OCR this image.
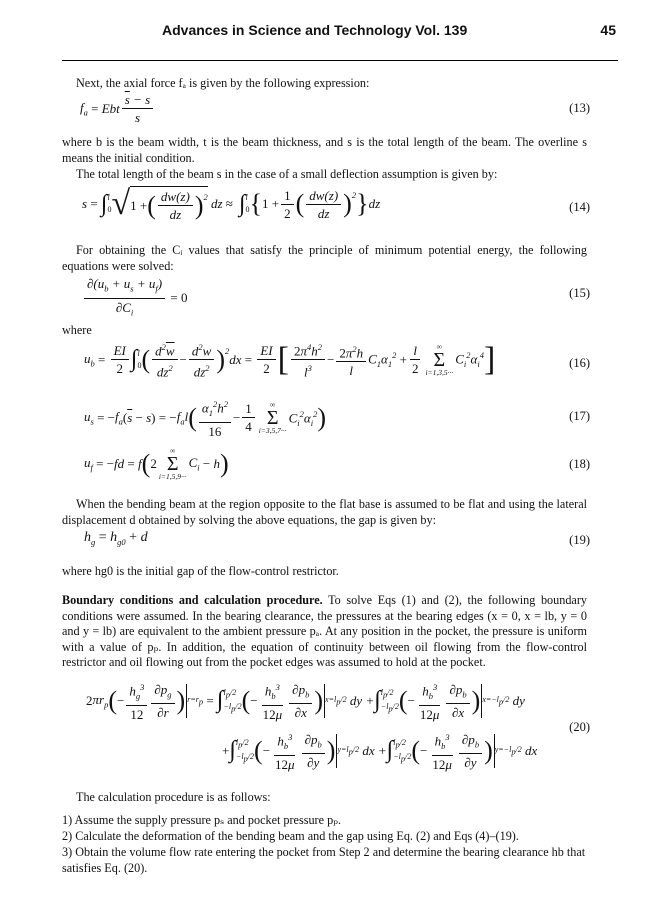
Advances in Science and Technology Vol. 139	45
Next, the axial force fₐ is given by the following expression:
$f_a$ = Ebt $\frac{\overline{s} - s}{s}$	(13)
where b is the beam width, t is the beam thickness, and s is the total length of the beam. The overline s means the initial condition.
The total length of the beam s in the case of a small deflection assumption is given by:
s = ∫ l
0 √ 1 + ( $\frac{dw(z)}{dz} )^2$ dz ≈ ∫ l
0 { $1 + \frac{1}{2}$ ( $\frac{dw(z)}{dz} )^2$ } dz	(14)
For obtaining the Cᵢ values that satisfy the principle of minimum potential energy, the following equations were solved:
$\frac{\partial(u_b + u_s + u_f)}{\partial C_i} = 0$	(15)
where
$u_b = \frac{EI}{2}$ ∫ l
0 ( $\frac{d^2\overline{w}}{dz^2} - \frac{d^2w}{dz^2} )^2$
dx = $\frac{EI}{2}$ [ $\frac{2\pi^4h^2}{l^3} - \frac{2\pi^2h}{l} C_1\alpha_1^2 + \frac{l}{2}$ ∞
Σ
i=1,3,5···
$C_i^2\alpha_i^4$ ]	(16)
$u_s$ = − $f_a$ ( $\overline{s} - s$ ) = − $f_al$ ( $\frac{\alpha_1^2h^2}{16} - \frac{1}{4}$ ∞
Σ
i=3,5,7···
$C_i^2\alpha_i^2$ )	(17)
$u_f$ = − fd = f ( 2
∞
Σ
i=1,5,9···
$C_i - h$ )	(18)
When the bending beam at the region opposite to the flat base is assumed to be flat and using the lateral displacement d obtained by solving the above equations, the gap is given by:
$h_g = h_{g0} + d$	(19)
where h⁠g0 is the initial gap of the flow-control restrictor.
Boundary conditions and calculation procedure. To solve Eqs (1) and (2), the following boundary conditions were assumed. In the bearing clearance, the pressures at the bearing edges (x = 0, x = l⁠b, y = 0 and y = l⁠b) are equivalent to the ambient pressure pₐ. At any position in the pocket, the pressure is uniform with a value of pₚ. In addition, the equation of continuity between oil flowing from the flow-control restrictor and oil flowing out from the pocket edges was assumed to hold at the pocket.
2 $\pi r_p$ ( − $\frac{h_g^3}{12} \frac{\partial p_g}{\partial r}$ ) $r=r_p$ = ∫ $l_p/2$
$-l_p/2$ ( − $\frac{h_b^3}{12\mu} \frac{\partial p_b}{\partial x}$ ) $x=l_p/2$ dy + ∫ $l_p/2$
$-l_p/2$ ( − $\frac{h_b^3}{12\mu} \frac{\partial p_b}{\partial x}$ ) $x=-l_p/2$ dy
+ ∫ $l_p/2$
$-l_p/2$ ( − $\frac{h_b^3}{12\mu} \frac{\partial p_b}{\partial y}$ ) $y=l_p/2$ dx + ∫ $l_p/2$
$-l_p/2$ ( − $\frac{h_b^3}{12\mu} \frac{\partial p_b}{\partial y}$ ) $y=-l_p/2$ dx
(20)
The calculation procedure is as follows:
1) Assume the supply pressure pₛ and pocket pressure pₚ.
2) Calculate the deformation of the bending beam and the gap using Eq. (2) and Eqs (4)–(19).
3) Obtain the volume flow rate entering the pocket from Step 2 and determine the bearing clearance h⁠b that satisfies Eq. (20).
